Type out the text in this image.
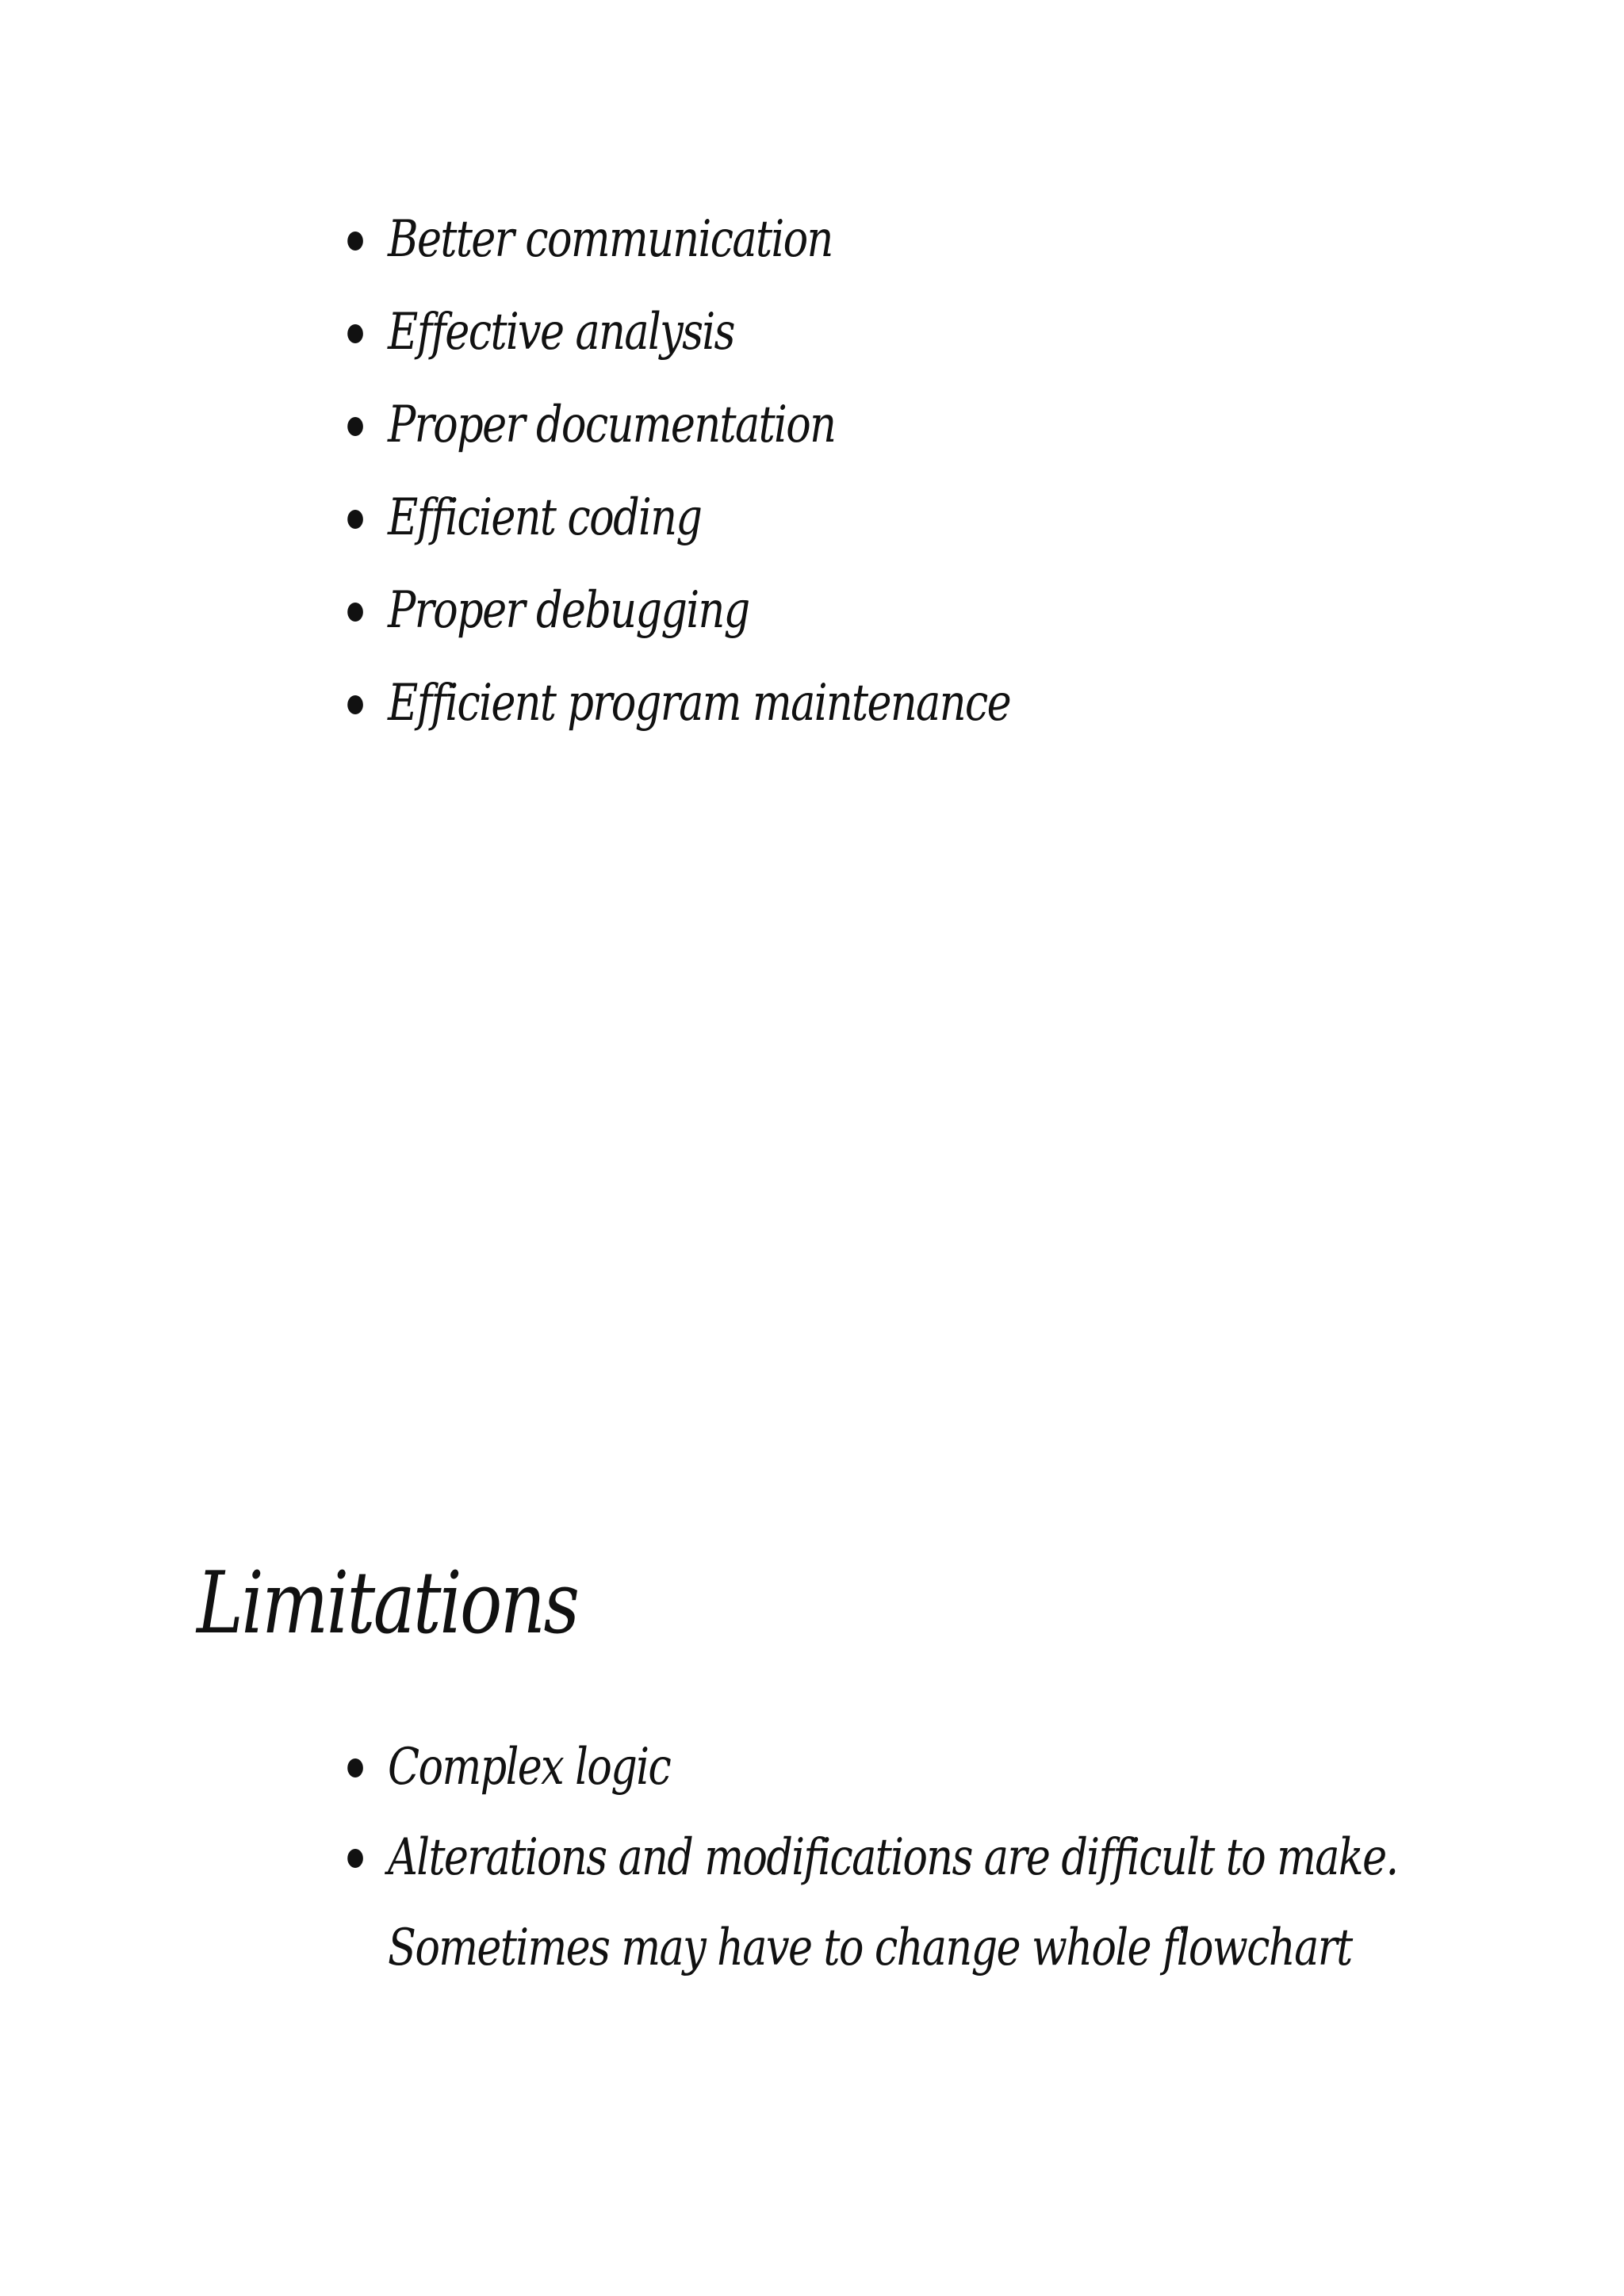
Better communication
Effective analysis
Proper documentation
Efficient coding
Proper debugging
Efficient program maintenance
Limitations
Complex logic
Alterations and modifications are difficult to make.
Sometimes may have to change whole flowchart
